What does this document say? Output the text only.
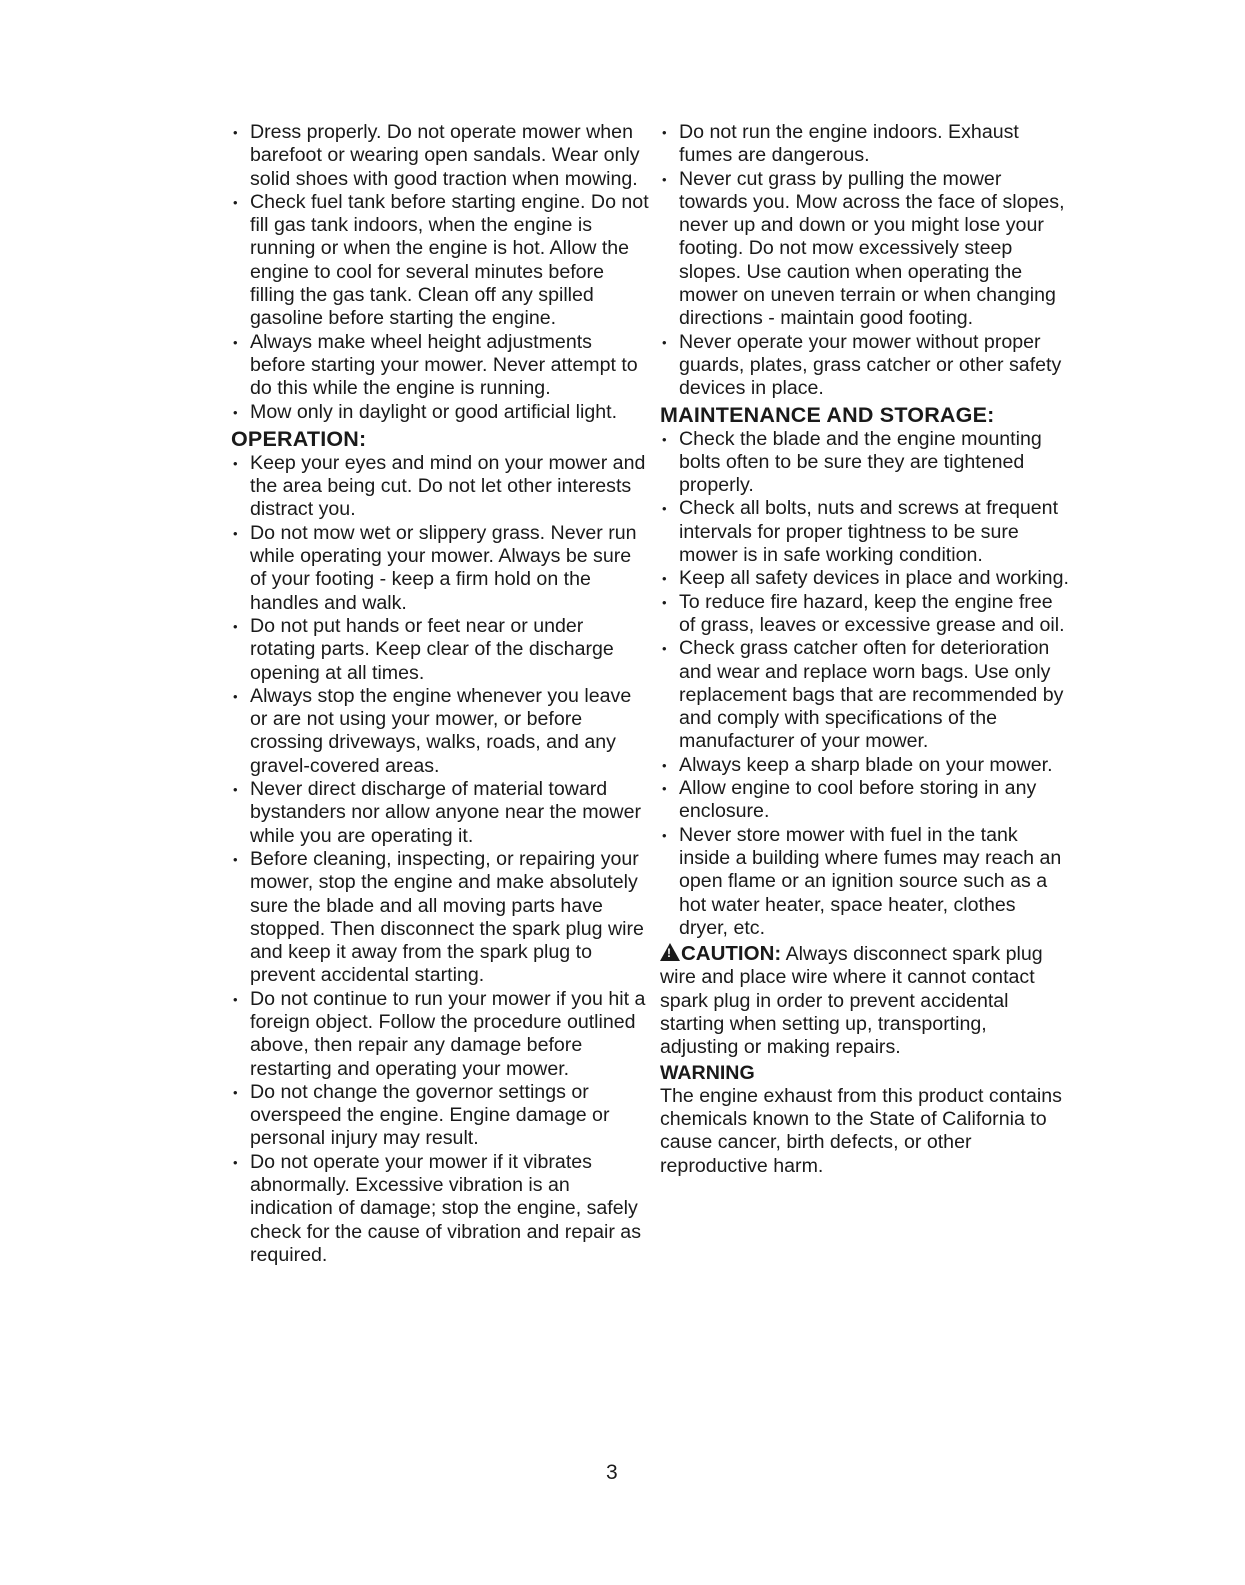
• Dress properly. Do not operate mower when barefoot or wearing open sandals. Wear only solid shoes with good traction when mowing.
• Check fuel tank before starting engine. Do not fill gas tank indoors, when the engine is running or when the engine is hot. Allow the engine to cool for several minutes before filling the gas tank. Clean off any spilled gasoline before starting the engine.
• Always make wheel height adjustments before starting your mower. Never attempt to do this while the engine is running.
• Mow only in daylight or good artificial light.
OPERATION:
• Keep your eyes and mind on your mower and the area being cut. Do not let other interests distract you.
• Do not mow wet or slippery grass. Never run while operating your mower. Always be sure of your footing - keep a firm hold on the handles and walk.
• Do not put hands or feet near or under rotating parts. Keep clear of the discharge opening at all times.
• Always stop the engine whenever you leave or are not using your mower, or before crossing driveways, walks, roads, and any gravel-covered areas.
• Never direct discharge of material toward bystanders nor allow anyone near the mower while you are operating it.
• Before cleaning, inspecting, or repairing your mower, stop the engine and make absolutely sure the blade and all moving parts have stopped. Then disconnect the spark plug wire and keep it away from the spark plug to prevent accidental starting.
• Do not continue to run your mower if you hit a foreign object. Follow the procedure outlined above, then repair any damage before restarting and operating your mower.
• Do not change the governor settings or overspeed the engine. Engine damage or personal injury may result.
• Do not operate your mower if it vibrates abnormally. Excessive vibration is an indication of damage; stop the engine, safely check for the cause of vibration and repair as required.
• Do not run the engine indoors. Exhaust fumes are dangerous.
• Never cut grass by pulling the mower towards you. Mow across the face of slopes, never up and down or you might lose your footing. Do not mow excessively steep slopes. Use caution when operating the mower on uneven terrain or when changing directions - maintain good footing.
• Never operate your mower without proper guards, plates, grass catcher or other safety devices in place.
MAINTENANCE AND STORAGE:
• Check the blade and the engine mounting bolts often to be sure they are tightened properly.
• Check all bolts, nuts and screws at frequent intervals for proper tightness to be sure mower is in safe working condition.
• Keep all safety devices in place and working.
• To reduce fire hazard, keep the engine free of grass, leaves or excessive grease and oil.
• Check grass catcher often for deterioration and wear and replace worn bags. Use only replacement bags that are recommended by and comply with specifications of the manufacturer of your mower.
• Always keep a sharp blade on your mower.
• Allow engine to cool before storing in any enclosure.
• Never store mower with fuel in the tank inside a building where fumes may reach an open flame or an ignition source such as a hot water heater, space heater, clothes dryer, etc.

!CAUTION: Always disconnect spark plug wire and place wire where it cannot contact spark plug in order to prevent accidental starting when setting up, transporting, adjusting or making repairs.

WARNING

The engine exhaust from this product contains chemicals known to the State of California to cause cancer, birth defects, or other reproductive harm.

3
